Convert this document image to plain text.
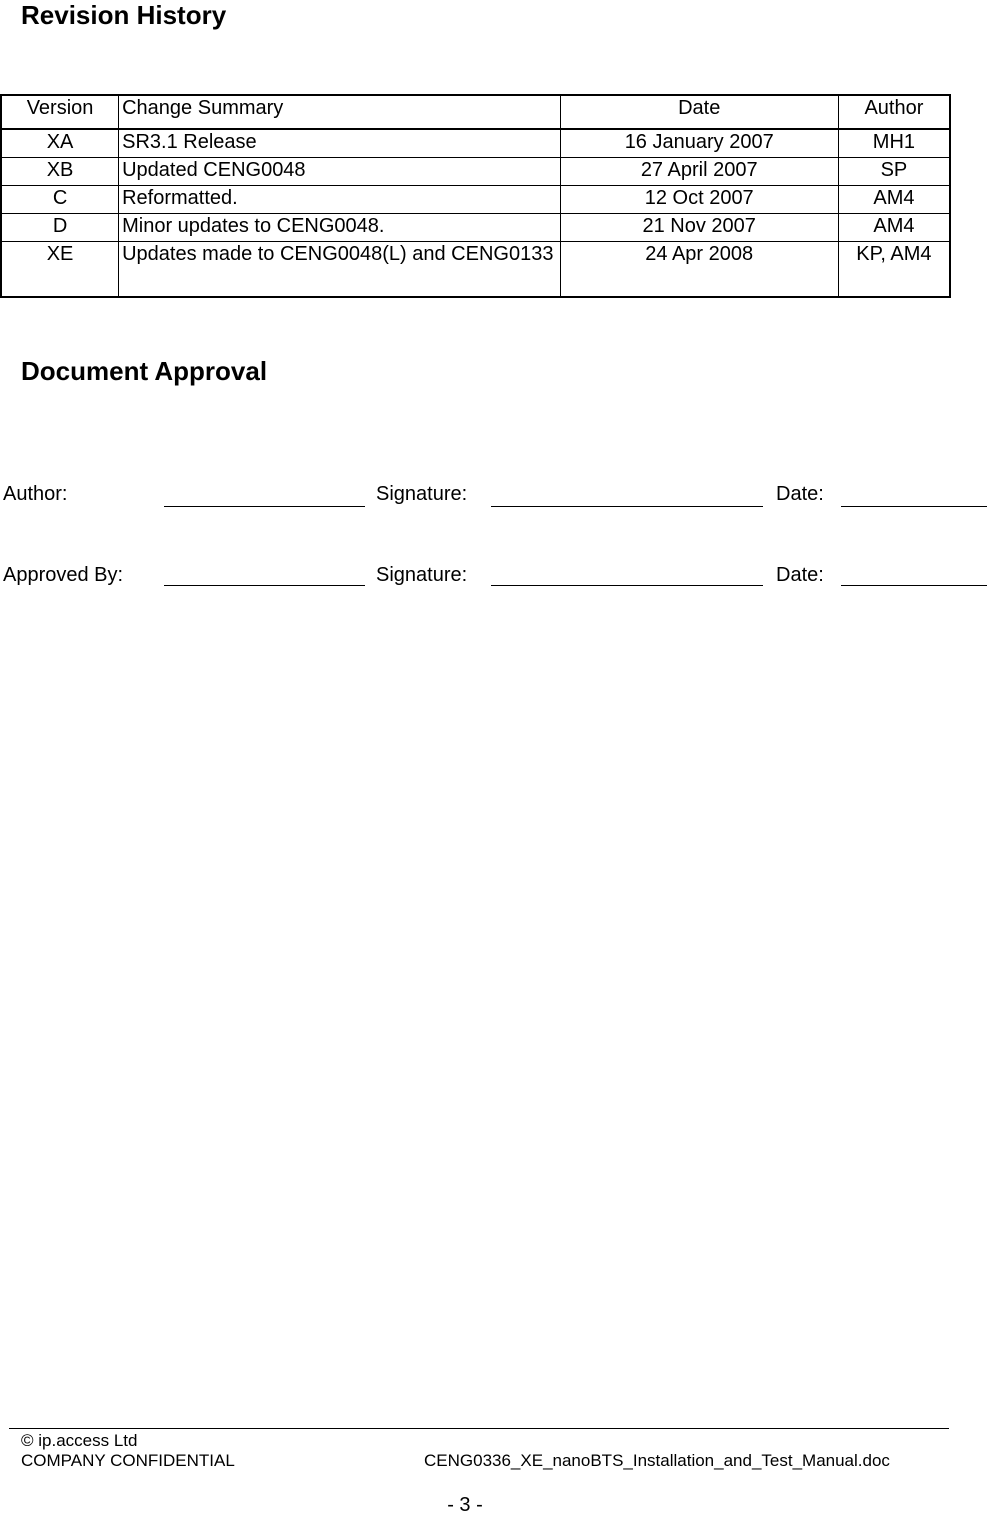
Revision History
Version	Change Summary	Date	Author
XA	SR3.1 Release	16 January 2007	MH1
XB	Updated CENG0048	27 April 2007	SP
C	Reformatted.	12 Oct 2007	AM4
D	Minor updates to CENG0048.	21 Nov 2007	AM4
XE	Updates made to CENG0048(L) and CENG0133	24 Apr 2008	KP, AM4
Document Approval
Author:	Signature:	Date:
Approved By:	Signature:	Date:
© ip.access Ltd
COMPANY CONFIDENTIAL	CENG0336_XE_nanoBTS_Installation_and_Test_Manual.doc
- 3 -
